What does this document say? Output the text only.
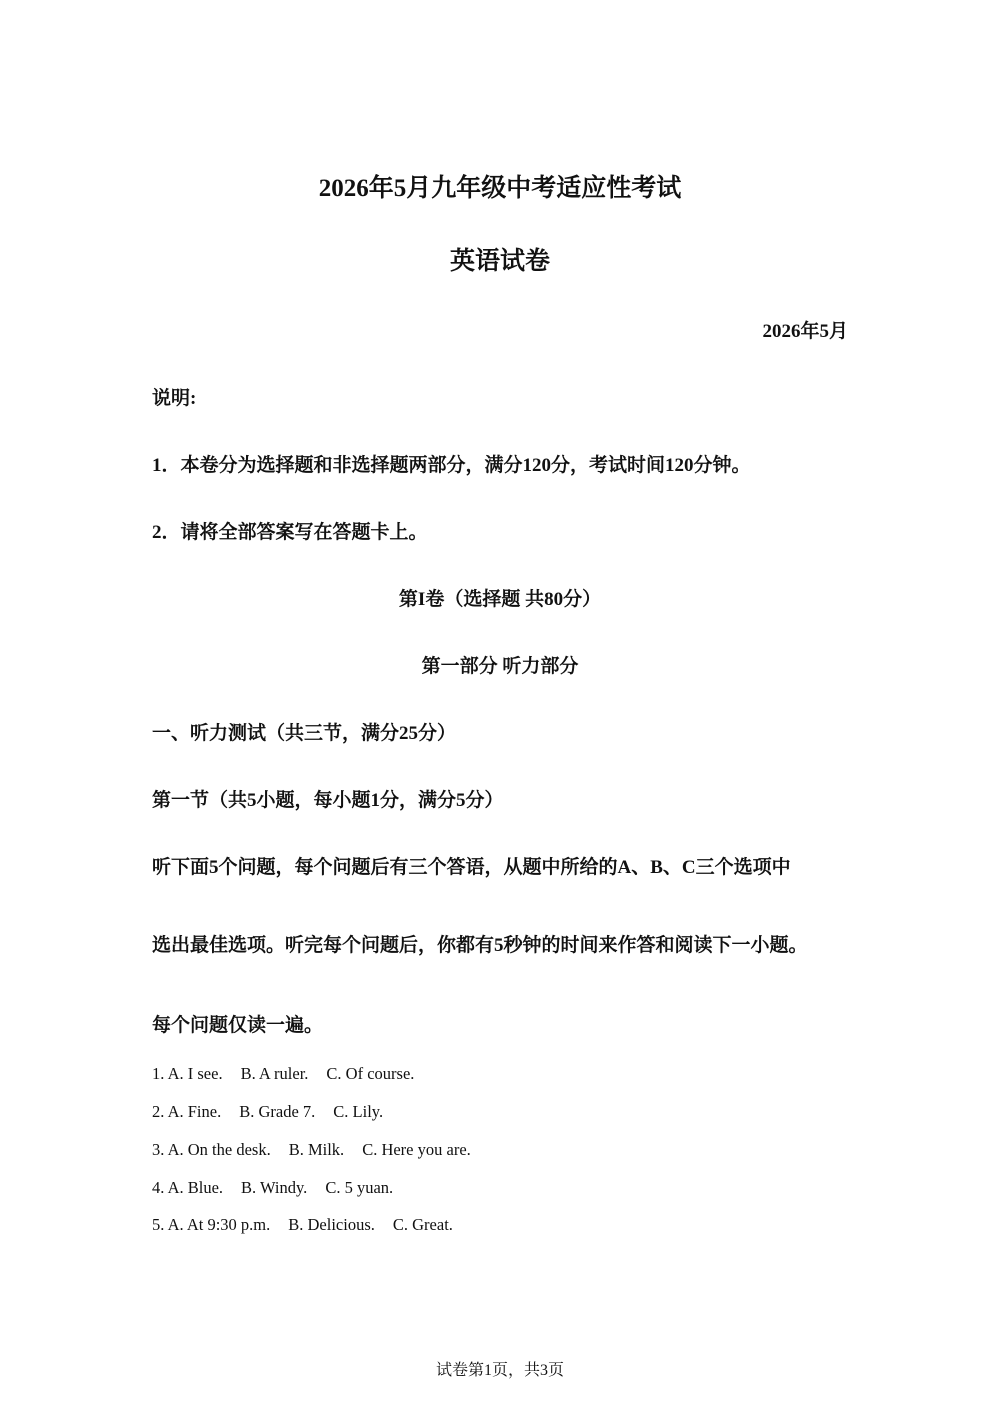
2026年5月九年级中考适应性考试
英语试卷
2026年5月
说明:
1．本卷分为选择题和非选择题两部分，满分120分，考试时间120分钟。
2．请将全部答案写在答题卡上。
第I卷（选择题 共80分）
第一部分 听力部分
一、听力测试（共三节，满分25分）
第一节（共5小题，每小题1分，满分5分）
听下面5个问题，每个问题后有三个答语，从题中所给的A、B、C三个选项中
选出最佳选项。听完每个问题后，你都有5秒钟的时间来作答和阅读下一小题。
每个问题仅读一遍。
1. A. I see. B. A ruler. C. Of course.
2. A. Fine. B. Grade 7. C. Lily.
3. A. On the desk. B. Milk. C. Here you are.
4. A. Blue. B. Windy. C. 5 yuan.
5. A. At 9:30 p.m. B. Delicious. C. Great.
试卷第1页，共3页
